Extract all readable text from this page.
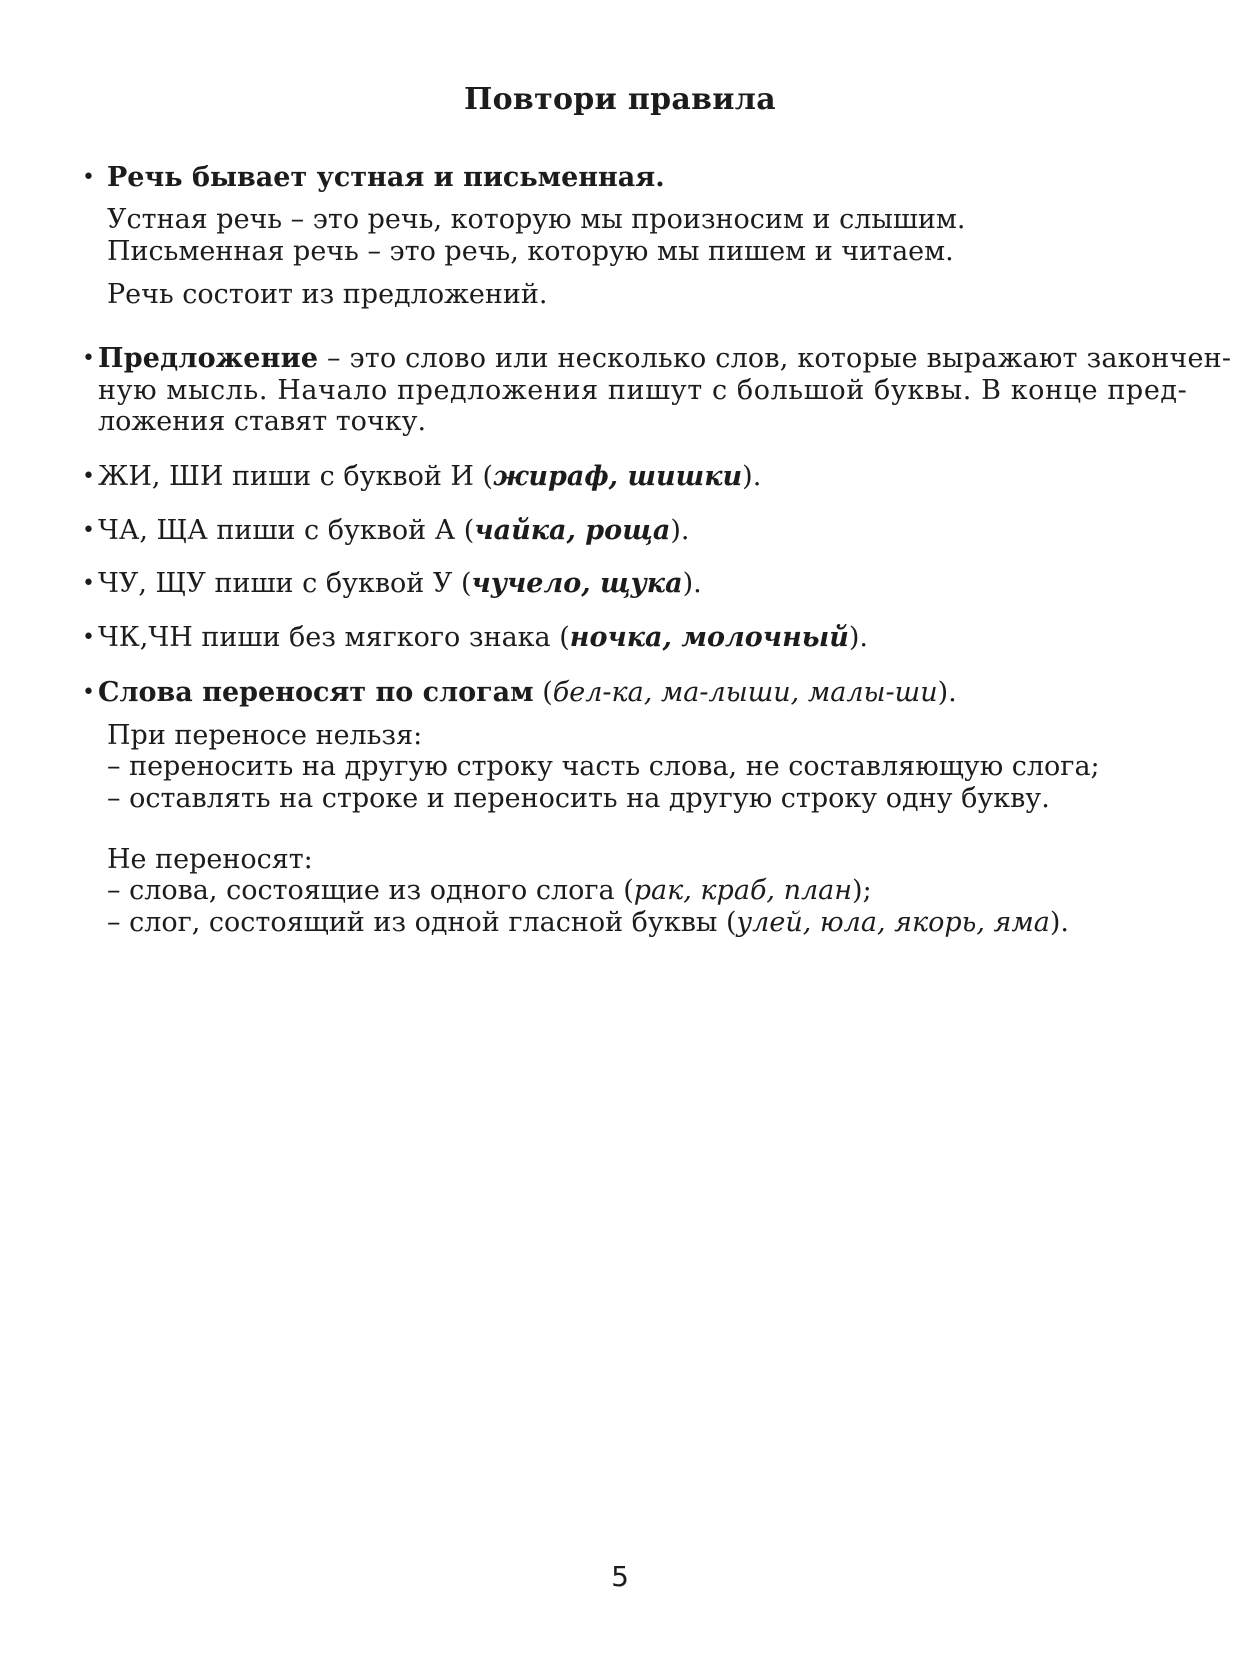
Повтори правила
• Речь бывает устная и письменная.
Устная речь – это речь, которую мы произносим и слышим.
Письменная речь – это речь, которую мы пишем и читаем.
Речь состоит из предложений.
• Предложение – это слово или несколько слов, которые выражают закончен-
ную мысль. Начало предложения пишут с большой буквы. В конце пред-
ложения ставят точку.
• ЖИ, ШИ пиши с буквой И (жираф, шишки).
• ЧА, ЩА пиши с буквой А (чайка, роща).
• ЧУ, ЩУ пиши с буквой У (чучело, щука).
• ЧК,ЧН пиши без мягкого знака (ночка, молочный).
• Слова переносят по слогам (бел-ка, ма-лыши, малы-ши).
При переносе нельзя:
– переносить на другую строку часть слова, не составляющую слога;
– оставлять на строке и переносить на другую строку одну букву.
Не переносят:
– слова, состоящие из одного слога (рак, краб, план);
– слог, состоящий из одной гласной буквы (улей, юла, якорь, яма).
5
